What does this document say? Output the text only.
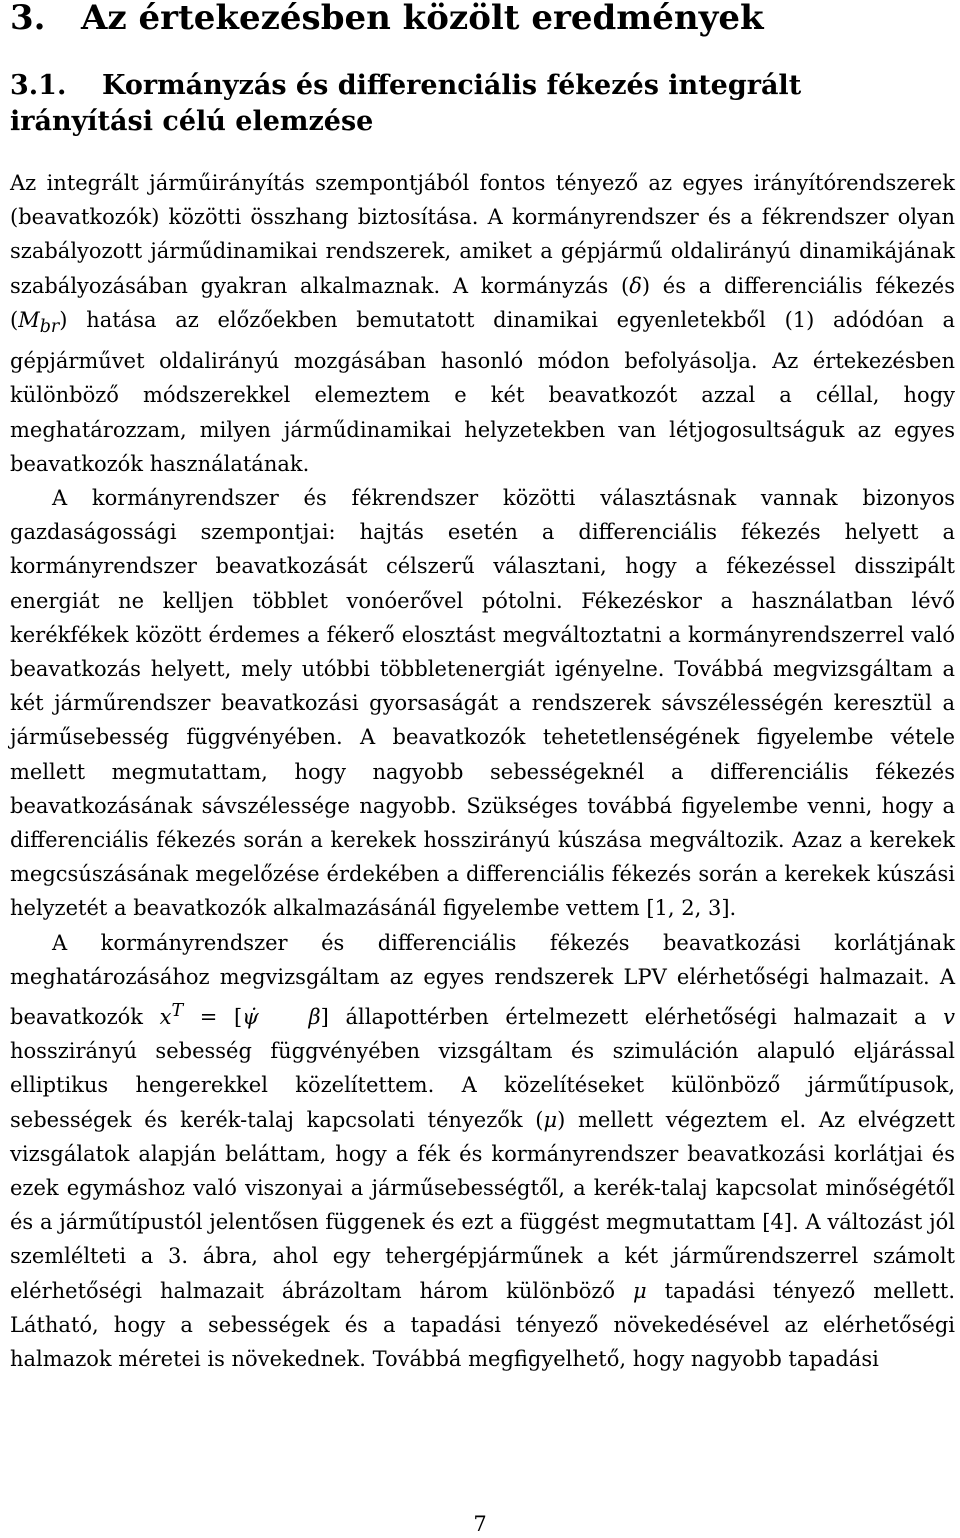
3. Az értekezésben közölt eredmények
3.1. Kormányzás és differenciális fékezés integrált irányítási célú elemzése

Az integrált járműirányítás szempontjából fontos tényező az egyes irányítórendszerek (beavatkozók) közötti összhang biztosítása. A kormányrendszer és a fékrendszer olyan szabályozott járműdinamikai rendszerek, amiket a gépjármű oldalirányú dinamikájának szabályozásában gyakran alkalmaznak. A kormányzás (δ) és a differenciális fékezés $(M_{br})$ hatása az előzőekben bemutatott dinamikai egyenletekből (1) adódóan a gépjárművet oldalirányú mozgásában hasonló módon befolyásolja. Az értekezésben különböző módszerekkel elemeztem e két beavatkozót azzal a céllal, hogy meghatározzam, milyen járműdinamikai helyzetekben van létjogosultságuk az egyes beavatkozók használatának.

A kormányrendszer és fékrendszer közötti választásnak vannak bizonyos gazdaságossági szempontjai: hajtás esetén a differenciális fékezés helyett a kormányrendszer beavatkozását célszerű választani, hogy a fékezéssel disszipált energiát ne kelljen többlet vonóerővel pótolni. Fékezéskor a használatban lévő kerékfékek között érdemes a fékerő elosztást megváltoztatni a kormányrendszerrel való beavatkozás helyett, mely utóbbi többletenergiát igényelne. Továbbá megvizsgáltam a két járműrendszer beavatkozási gyorsaságát a rendszerek sávszélességén keresztül a járműsebesség függvényében. A beavatkozók tehetetlenségének figyelembe vétele mellett megmutattam, hogy nagyobb sebességeknél a differenciális fékezés beavatkozásának sávszélessége nagyobb. Szükséges továbbá figyelembe venni, hogy a differenciális fékezés során a kerekek hosszirányú kúszása megváltozik. Azaz a kerekek megcsúszásának megelőzése érdekében a differenciális fékezés során a kerekek kúszási helyzetét a beavatkozók alkalmazásánál figyelembe vettem [1, 2, 3].

A kormányrendszer és differenciális fékezés beavatkozási korlátjának meghatározásához megvizsgáltam az egyes rendszerek LPV elérhetőségi halmazait. A beavatkozók $x^T$ = [ψ̇ β] állapottérben értelmezett elérhetőségi halmazait a v hosszirányú sebesség függvényében vizsgáltam és szimuláción alapuló eljárással elliptikus hengerekkel közelítettem. A közelítéseket különböző járműtípusok, sebességek és kerék-talaj kapcsolati tényezők (μ) mellett végeztem el. Az elvégzett vizsgálatok alapján beláttam, hogy a fék és kormányrendszer beavatkozási korlátjai és ezek egymáshoz való viszonyai a járműsebességtől, a kerék-talaj kapcsolat minőségétől és a járműtípustól jelentősen függenek és ezt a függést megmutattam [4]. A változást jól szemlélteti a 3. ábra, ahol egy tehergépjárműnek a két járműrendszerrel számolt elérhetőségi halmazait ábrázoltam három különböző μ tapadási tényező mellett. Látható, hogy a sebességek és a tapadási tényező növekedésével az elérhetőségi halmazok méretei is növekednek. Továbbá megfigyelhető, hogy nagyobb tapadási

7
